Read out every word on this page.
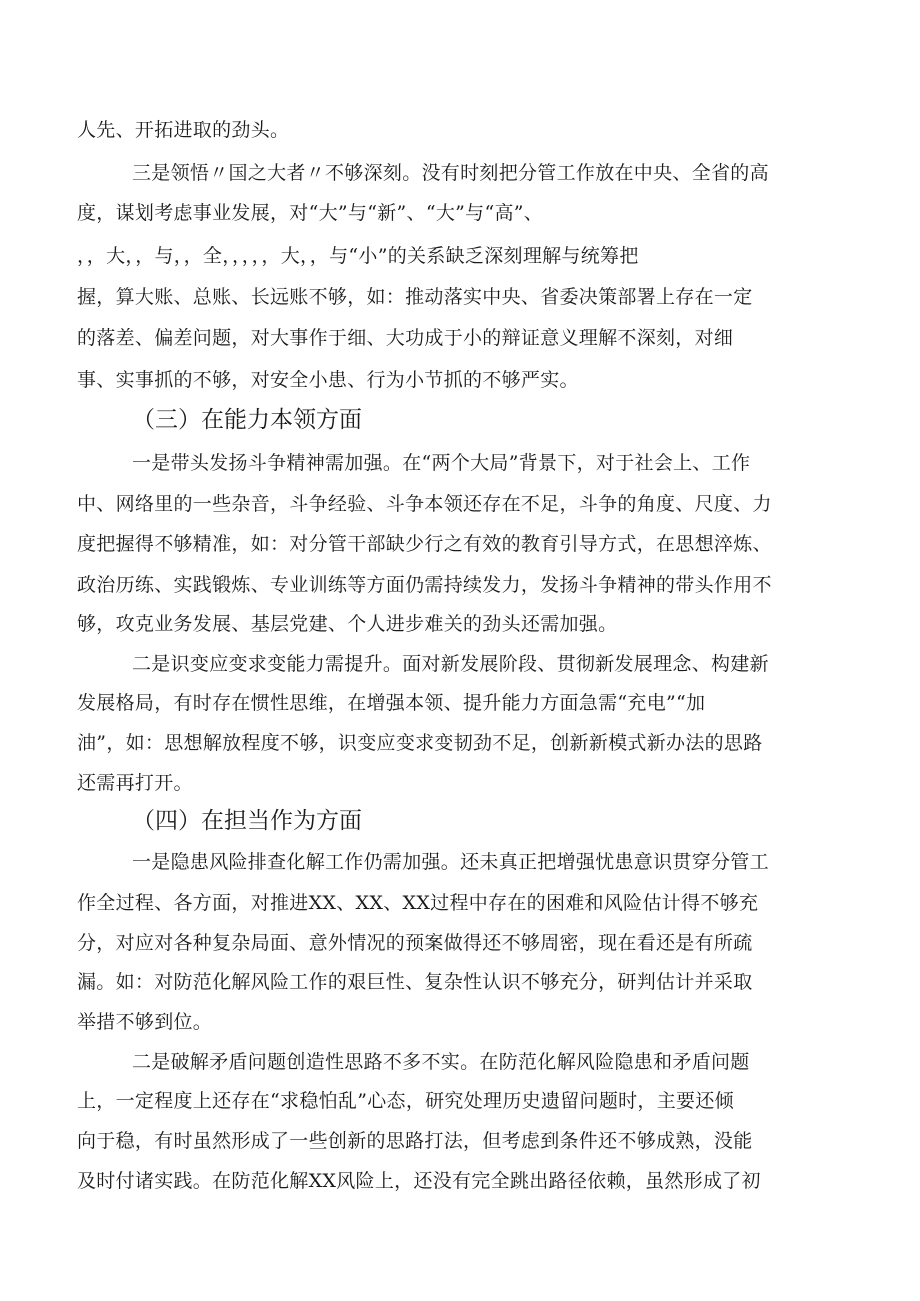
人先、开拓进取的劲头。
三是领悟〃国之大者〃不够深刻。没有时刻把分管工作放在中央、全省的高
度，谋划考虑事业发展，对“大”与“新”、“大”与“高”、
，，大，，与，，全，，，，，大，，与“小”的关系缺乏深刻理解与统筹把
握，算大账、总账、长远账不够，如：推动落实中央、省委决策部署上存在一定
的落差、偏差问题，对大事作于细、大功成于小的辩证意义理解不深刻，对细
事、实事抓的不够，对安全小患、行为小节抓的不够严实。
（三）在能力本领方面
一是带头发扬斗争精神需加强。在“两个大局”背景下，对于社会上、工作
中、网络里的一些杂音，斗争经验、斗争本领还存在不足，斗争的角度、尺度、力
度把握得不够精准，如：对分管干部缺少行之有效的教育引导方式，在思想淬炼、
政治历练、实践锻炼、专业训练等方面仍需持续发力，发扬斗争精神的带头作用不
够，攻克业务发展、基层党建、个人进步难关的劲头还需加强。
二是识变应变求变能力需提升。面对新发展阶段、贯彻新发展理念、构建新
发展格局，有时存在惯性思维，在增强本领、提升能力方面急需“充电”“加
油”，如：思想解放程度不够，识变应变求变韧劲不足，创新新模式新办法的思路
还需再打开。
（四）在担当作为方面
一是隐患风险排查化解工作仍需加强。还未真正把增强忧患意识贯穿分管工
作全过程、各方面，对推进XX、XX、XX过程中存在的困难和风险估计得不够充
分，对应对各种复杂局面、意外情况的预案做得还不够周密，现在看还是有所疏
漏。如：对防范化解风险工作的艰巨性、复杂性认识不够充分，研判估计并采取
举措不够到位。
二是破解矛盾问题创造性思路不多不实。在防范化解风险隐患和矛盾问题
上，一定程度上还存在“求稳怕乱”心态，研究处理历史遗留问题时，主要还倾
向于稳，有时虽然形成了一些创新的思路打法，但考虑到条件还不够成熟，没能
及时付诸实践。在防范化解XX风险上，还没有完全跳出路径依赖，虽然形成了初
